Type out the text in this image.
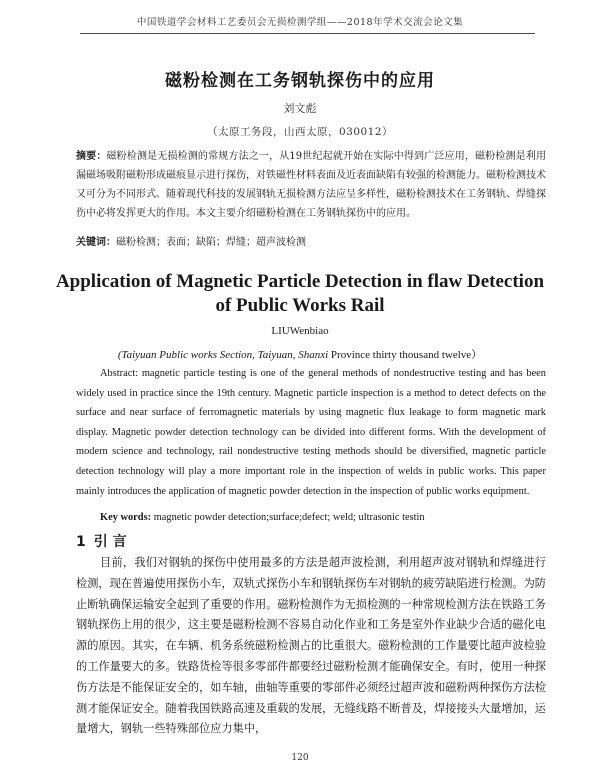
中国铁道学会材料工艺委员会无损检测学组——2018年学术交流会论文集
磁粉检测在工务钢轨探伤中的应用
刘文彪
（太原工务段，山西太原，030012）
摘要：磁粉检测是无损检测的常规方法之一，从19世纪起就开始在实际中得到广泛应用，磁粉检测是利用漏磁场吸附磁粉形成磁痕显示进行探伤，对铁磁性材料表面及近表面缺陷有较强的检测能力。磁粉检测技术又可分为不同形式。随着现代科技的发展钢轨无损检测方法应呈多样性，磁粉检测技术在工务钢轨、焊缝探伤中必将发挥更大的作用。本文主要介绍磁粉检测在工务钢轨探伤中的应用。
关键词：磁粉检测；表面；缺陷；焊缝；超声波检测
Application of Magnetic Particle Detection in flaw Detection
of Public Works Rail
LIUWenbiao
(Taiyuan Public works Section, Taiyuan, Shanxi Province thirty thousand twelve）
Abstract: magnetic particle testing is one of the general methods of nondestructive testing and has been widely used in practice since the 19th century. Magnetic particle inspection is a method to detect defects on the surface and near surface of ferromagnetic materials by using magnetic flux leakage to form magnetic mark display. Magnetic powder detection technology can be divided into different forms. With the development of modern science and technology, rail nondestructive testing methods should be diversified, magnetic particle detection technology will play a more important role in the inspection of welds in public works. This paper mainly introduces the application of magnetic powder detection in the inspection of public works equipment.
Key words: magnetic powder detection;surface;defect; weld; ultrasonic testin
1 引 言
目前，我们对钢轨的探伤中使用最多的方法是超声波检测，利用超声波对钢轨和焊缝进行检测，现在普遍使用探伤小车，双轨式探伤小车和钢轨探伤车对钢轨的疲劳缺陷进行检测。为防止断轨确保运输安全起到了重要的作用。磁粉检测作为无损检测的一种常规检测方法在铁路工务钢轨探伤上用的很少，这主要是磁粉检测不容易自动化作业和工务是室外作业缺少合适的磁化电源的原因。其实，在车辆、机务系统磁粉检测占的比重很大。磁粉检测的工作量要比超声波检验的工作量要大的多。铁路货检等很多零部件都要经过磁粉检测才能确保安全。有时，使用一种探伤方法是不能保证安全的，如车轴，曲轴等重要的零部件必须经过超声波和磁粉两种探伤方法检测才能保证安全。随着我国铁路高速及重载的发展，无缝线路不断普及，焊接接头大量增加，运量增大，钢轨一些特殊部位应力集中，
120
